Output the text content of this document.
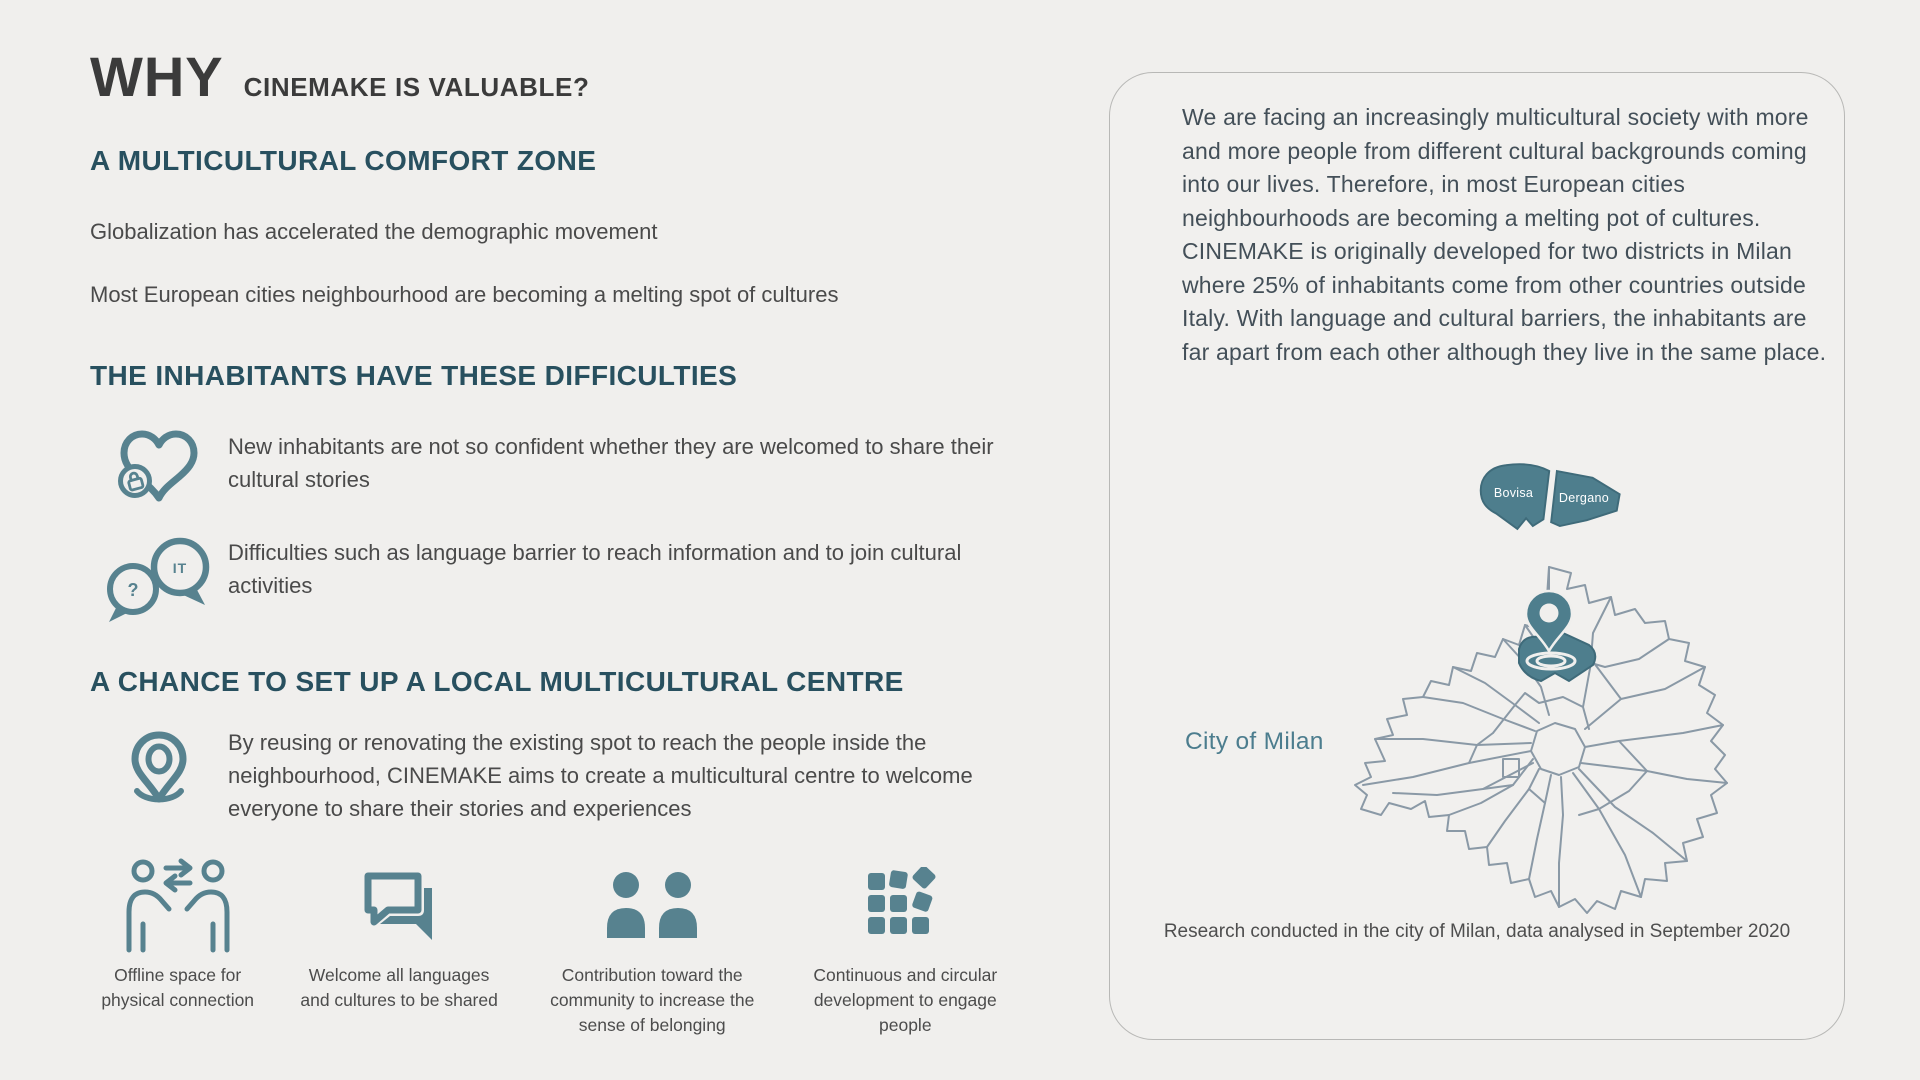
WHY CINEMAKE IS VALUABLE?
A MULTICULTURAL COMFORT ZONE

Globalization has accelerated the demographic movement

Most European cities neighbourhood are becoming a melting spot of cultures

THE INHABITANTS HAVE THESE DIFFICULTIES
New inhabitants are not so confident whether they are welcomed to share their cultural stories
?
IT
Difficulties such as language barrier to reach information and to join cultural activities
A CHANCE TO SET UP A LOCAL MULTICULTURAL CENTRE
By reusing or renovating the existing spot to reach the people inside the neighbourhood, CINEMAKE aims to create a multicultural centre to welcome everyone to share their stories and experiences
Offline space for physical connection
Welcome all languages and cultures to be shared
Contribution toward the community to increase the sense of belonging
Continuous and circular development to engage people

We are facing an increasingly multicultural society with more and more people from different cultural backgrounds coming into our lives. Therefore, in most European cities neighbourhoods are becoming a melting pot of cultures. CINEMAKE is originally developed for two districts in Milan where 25% of inhabitants come from other countries outside Italy. With language and cultural barriers, the inhabitants are far apart from each other although they live in the same place.

Bovisa Dergano
City of Milan
Research conducted in the city of Milan, data analysed in September 2020
